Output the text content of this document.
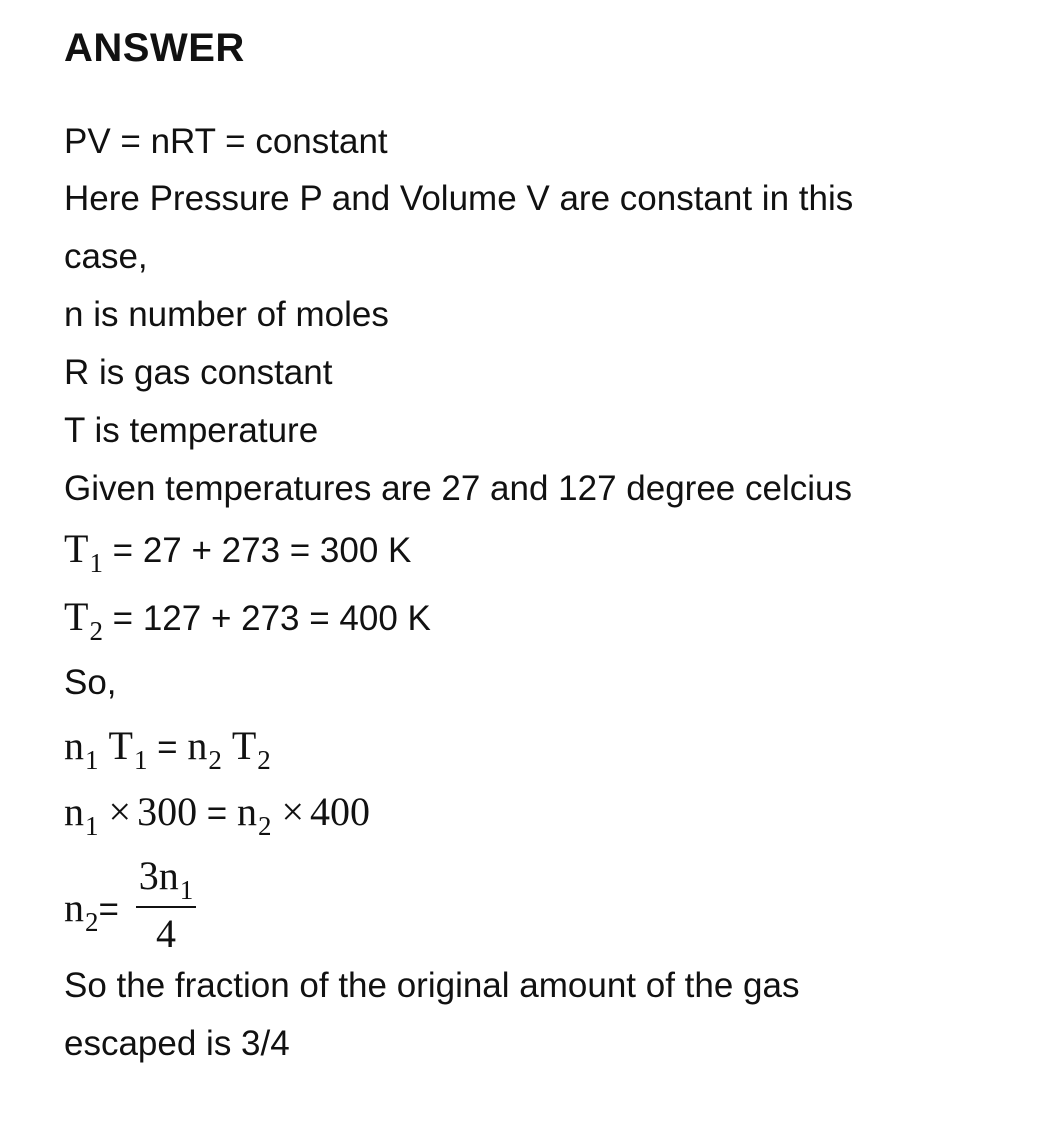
ANSWER
PV = nRT = constant
Here Pressure P and Volume V are constant in this
case,
n is number of moles
R is gas constant
T is temperature
Given temperatures are 27 and 127 degree celcius
$T_1 = 27 + 273 = 300$ K
$T_2 = 127 + 273 = 400$ K
So,
$n_1$ $T_1 = n_2$ $T_2$
$n_1 \times 300 = n_2 \times 400$
$n_2=$
$3n_1$
4
So the fraction of the original amount of the gas
escaped is 3/4
